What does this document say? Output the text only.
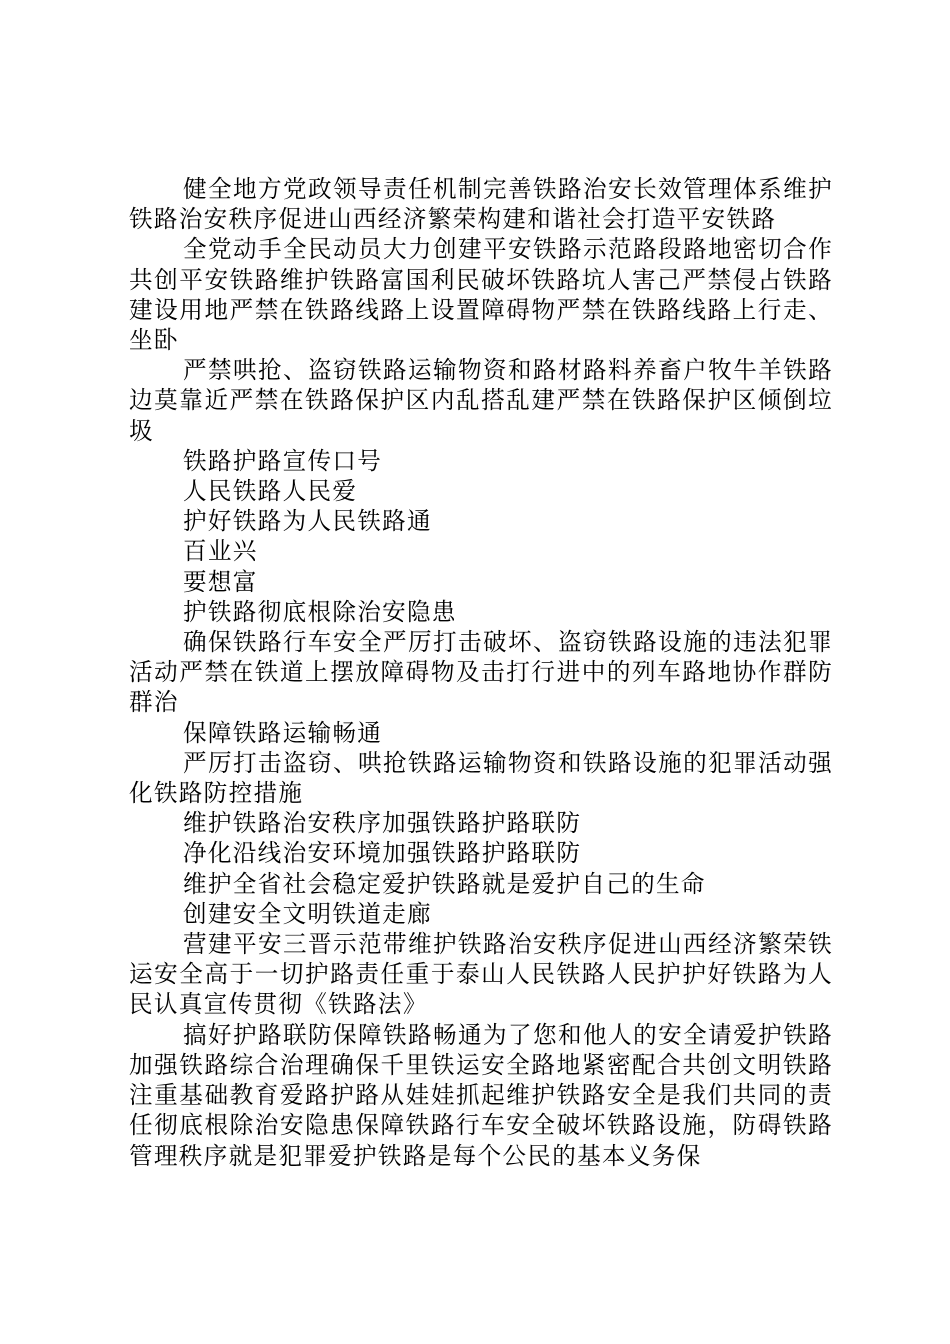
健全地方党政领导责任机制完善铁路治安长效管理体系维护铁路治安秩序促进山西经济繁荣构建和谐社会打造平安铁路

全党动手全民动员大力创建平安铁路示范路段路地密切合作共创平安铁路维护铁路富国利民破坏铁路坑人害己严禁侵占铁路建设用地严禁在铁路线路上设置障碍物严禁在铁路线路上行走、坐卧

严禁哄抢、盗窃铁路运输物资和路材路料养畜户牧牛羊铁路边莫靠近严禁在铁路保护区内乱搭乱建严禁在铁路保护区倾倒垃圾

铁路护路宣传口号

人民铁路人民爱

护好铁路为人民铁路通

百业兴

要想富

护铁路彻底根除治安隐患

确保铁路行车安全严厉打击破坏、盗窃铁路设施的违法犯罪活动严禁在铁道上摆放障碍物及击打行进中的列车路地协作群防群治

保障铁路运输畅通

严厉打击盗窃、哄抢铁路运输物资和铁路设施的犯罪活动强化铁路防控措施

维护铁路治安秩序加强铁路护路联防

净化沿线治安环境加强铁路护路联防

维护全省社会稳定爱护铁路就是爱护自己的生命

创建安全文明铁道走廊

营建平安三晋示范带维护铁路治安秩序促进山西经济繁荣铁运安全高于一切护路责任重于泰山人民铁路人民护护好铁路为人民认真宣传贯彻《铁路法》

搞好护路联防保障铁路畅通为了您和他人的安全请爱护铁路加强铁路综合治理确保千里铁运安全路地紧密配合共创文明铁路注重基础教育爱路护路从娃娃抓起维护铁路安全是我们共同的责任彻底根除治安隐患保障铁路行车安全破坏铁路设施，防碍铁路管理秩序就是犯罪爱护铁路是每个公民的基本义务保
